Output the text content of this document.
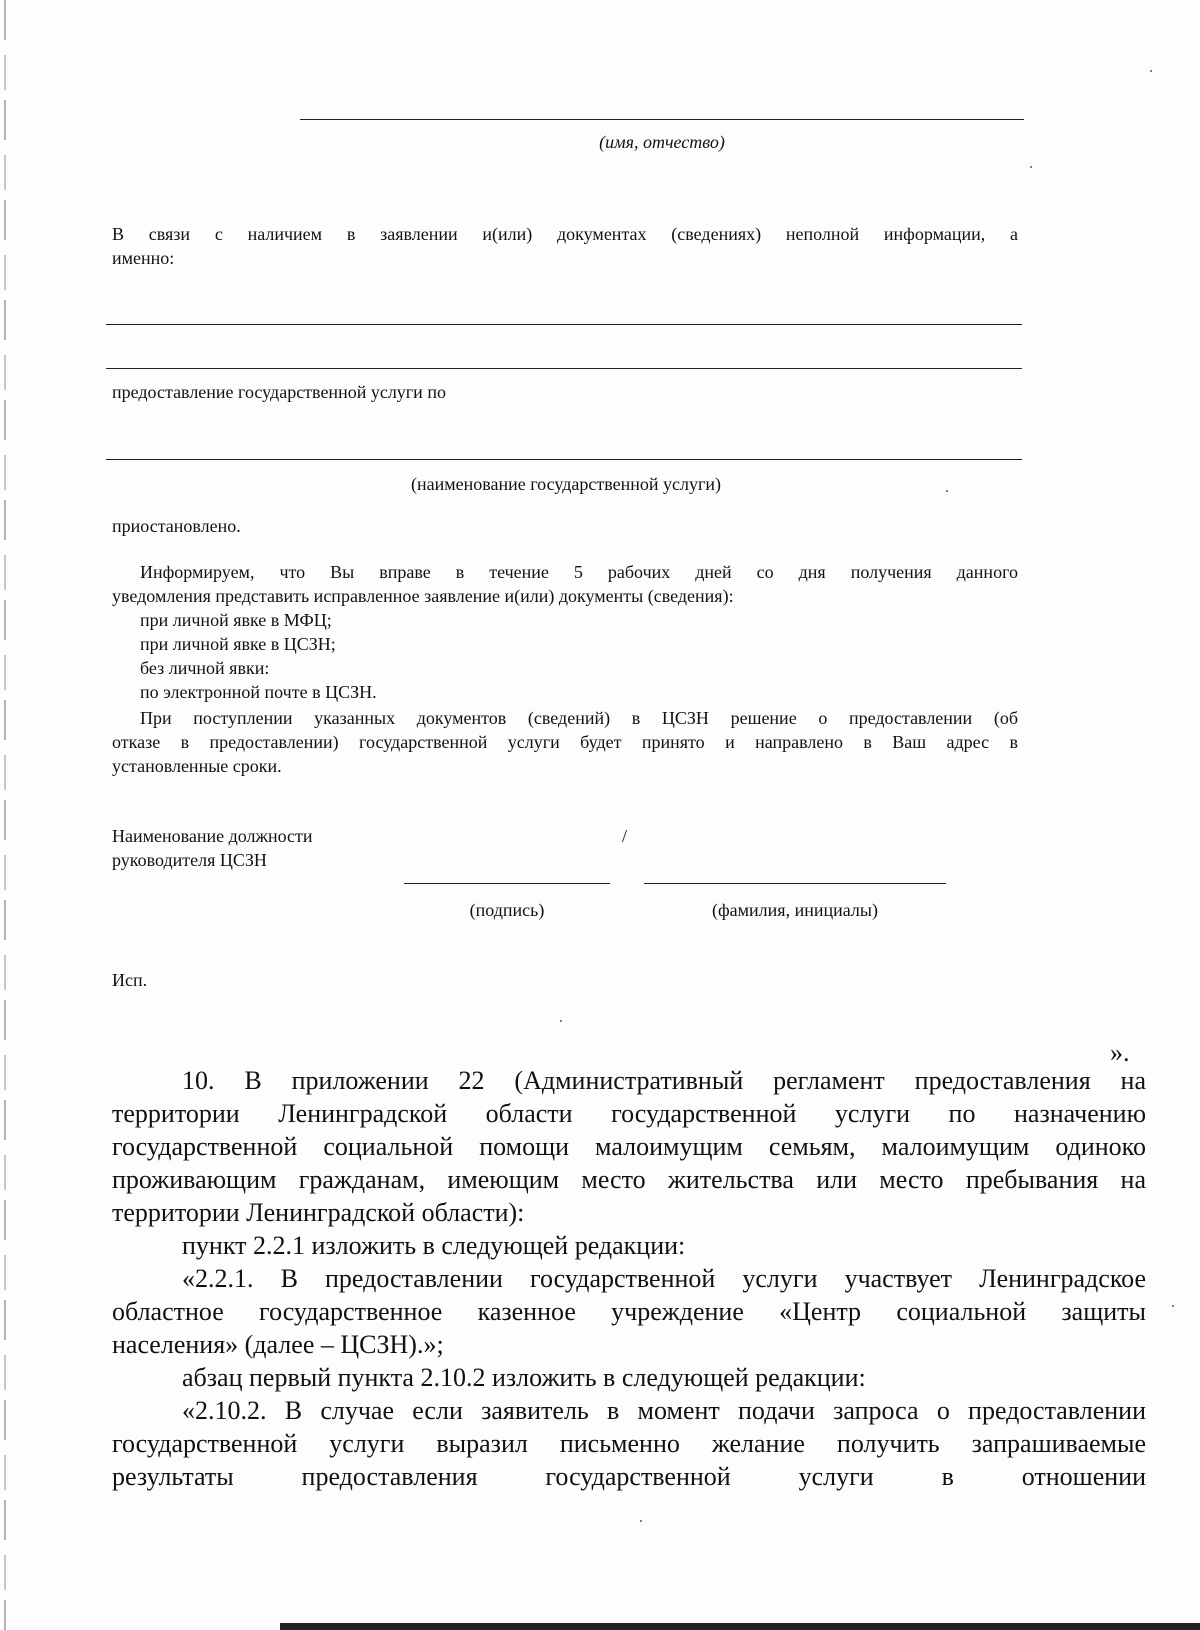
(имя, отчество)
В связи с наличием в заявлении и(или) документах (сведениях) неполной информации, а
именно:
предоставление государственной услуги по
(наименование государственной услуги)
приостановлено.
Информируем, что Вы вправе в течение 5 рабочих дней со дня получения данного
уведомления представить исправленное заявление и(или) документы (сведения):
при личной явке в МФЦ;
при личной явке в ЦСЗН;
без личной явки:
по электронной почте в ЦСЗН.
При поступлении указанных документов (сведений) в ЦСЗН решение о предоставлении (об
отказе в предоставлении) государственной услуги будет принято и направлено в Ваш адрес в
установленные сроки.
Наименование должности
руководителя ЦСЗН
/
(подпись)	(фамилия, инициалы)
Исп.
».
10. В приложении 22 (Административный регламент предоставления на
территории Ленинградской области государственной услуги по назначению
государственной социальной помощи малоимущим семьям, малоимущим одиноко
проживающим гражданам, имеющим место жительства или место пребывания на
территории Ленинградской области):
пункт 2.2.1 изложить в следующей редакции:
«2.2.1. В предоставлении государственной услуги участвует Ленинградское
областное государственное казенное учреждение «Центр социальной защиты
населения» (далее – ЦСЗН).»;
абзац первый пункта 2.10.2 изложить в следующей редакции:
«2.10.2. В случае если заявитель в момент подачи запроса о предоставлении
государственной услуги выразил письменно желание получить запрашиваемые
результаты предоставления государственной услуги в отношении
